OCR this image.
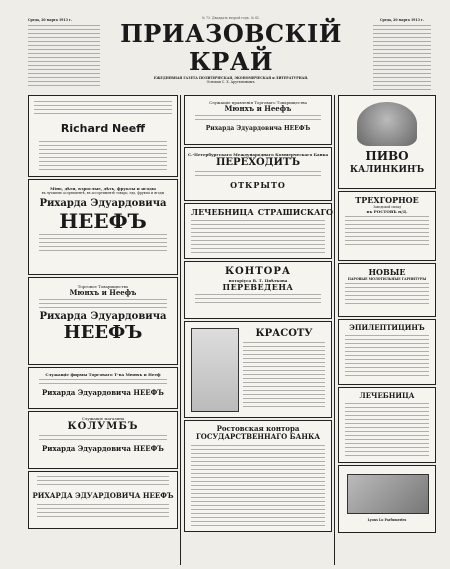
Среда, 20 марта 1913 г.	Среда, 20 марта 1913 г.
№ 73. Двадцать второй годъ. № 81.
ПРИАЗОВСКІЙ КРАЙ
ЕЖЕДНЕВНАЯ ГАЗЕТА ПОЛИТИЧЕСКАЯ, ЭКОНОМИЧЕСКАЯ и ЛИТЕРАТУРНАЯ.
Основан С. Х. Арутюновымъ.
Richard Neeff
Міно, дѣти, взрослые, дѣть, фрукты и ягоды
въ лучшемъ асортиментѣ, въ ассортиментѣ товаро, еда, фрукты и ягоды
Рихарда Эдуардовича
НЕЕФЪ
Торговое Товарищество
Мюнхъ и Неефъ
Рихарда Эдуардовича
НЕЕФЪ
Служащіе фирмы Торговаго Т-ва Мюнхъ и Нееф
Рихарда Эдуардовича НЕЕФЪ
Служащіе магазина
КОЛУМБЪ
Рихарда Эдуардовича НЕЕФЪ
РИХАРДА ЭДУАРДОВИЧА НЕЕФЪ
Служащіе правленія Торговаго Товарищества
Мюнхъ и Неефъ
Рихарда Эдуардовича НЕЕФЪ
С.-Петербургскаго Международнаго Коммерческаго Банка
ПЕРЕХОДИТЪ
ОТКРЫТО
ЛЕЧЕБНИЦА СТРАШИСКАГО
КОНТОРА
нотаріуса В. Т. Цвѣткова
ПЕРЕВЕДЕНА
КРАСОТУ
Ростовская контора
ГОСУДАРСТВЕННАГО БАНКА
ПИВО
КАЛИНКИНЪ
ТРЕХГОРНОЕ
Заводской склад
въ РОСТОВѢ н/Д.
НОВЫЕ
ПАРОВЫЕ МОЛОТИЛЬНЫЕ ГАРНИТУРЫ
ЭПИЛЕПТИЦИНЪ
ЛЕЧЕБНИЦА
Lyons Lo Parfumeries
